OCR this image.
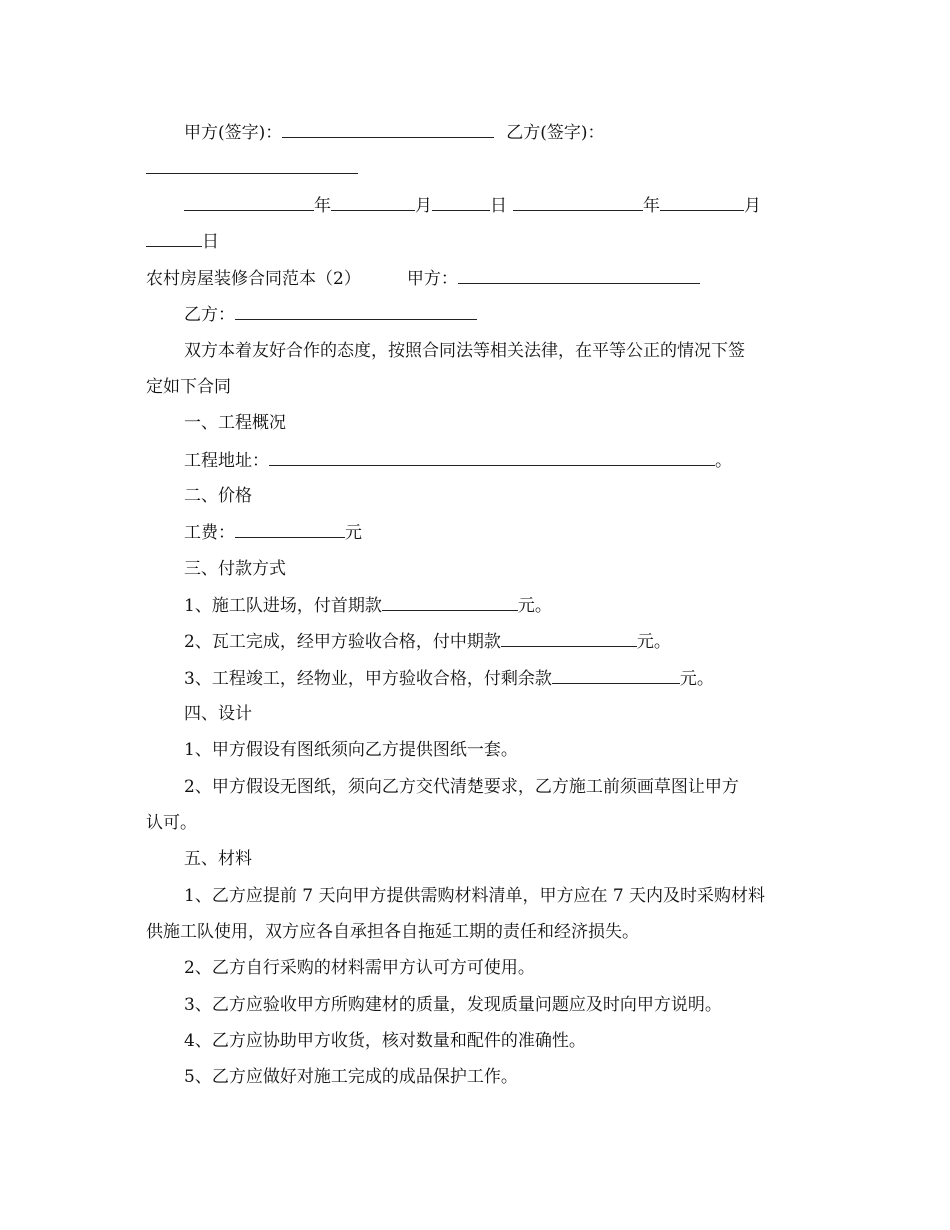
甲方(签字)：	乙方(签字)：
年	月	日	年	月
日
农村房屋装修合同范本（2）	甲方：
乙方：
双方本着友好合作的态度，按照合同法等相关法律，在平等公正的情况下签
定如下合同
一、工程概况
工程地址：	。
二、价格
工费：	元
三、付款方式
1、施工队进场，付首期款	元。
2、瓦工完成，经甲方验收合格，付中期款	元。
3、工程竣工，经物业，甲方验收合格，付剩余款	元。
四、设计
1、甲方假设有图纸须向乙方提供图纸一套。
2、甲方假设无图纸，须向乙方交代清楚要求，乙方施工前须画草图让甲方
认可。
五、材料
1、乙方应提前 7 天向甲方提供需购材料清单，甲方应在 7 天内及时采购材料
供施工队使用，双方应各自承担各自拖延工期的责任和经济损失。
2、乙方自行采购的材料需甲方认可方可使用。
3、乙方应验收甲方所购建材的质量，发现质量问题应及时向甲方说明。
4、乙方应协助甲方收货，核对数量和配件的准确性。
5、乙方应做好对施工完成的成品保护工作。
